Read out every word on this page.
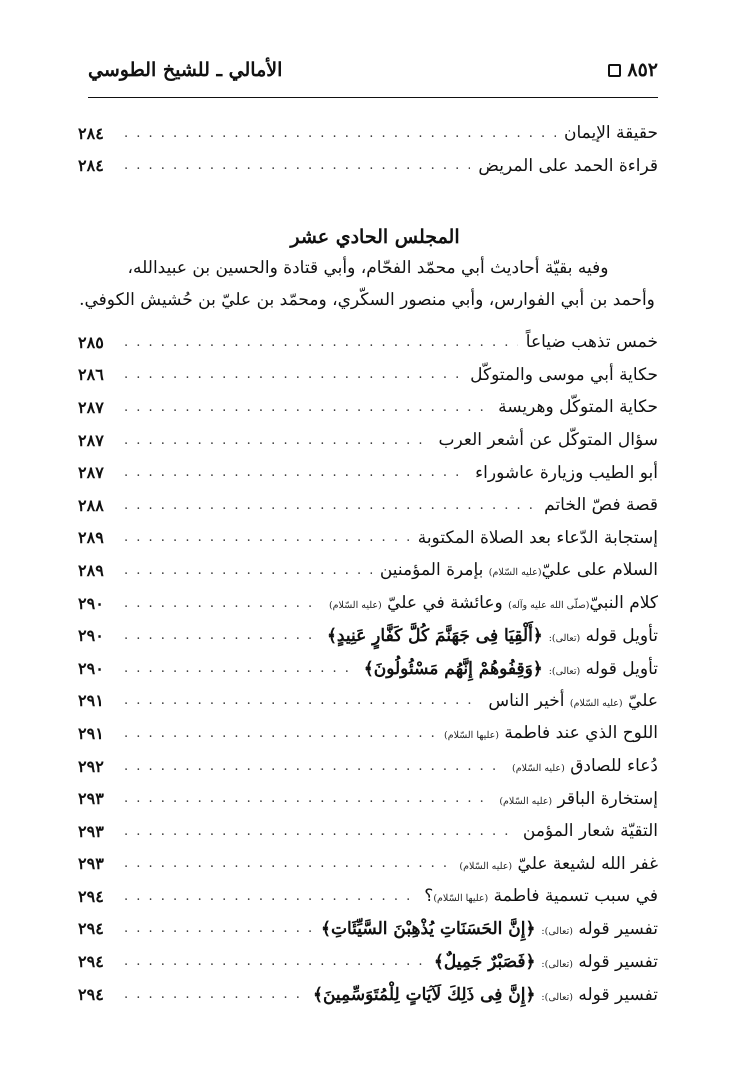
٨٥٢
الأمالي ـ للشيخ الطوسي
حقيقة الإيمان
. . .
٢٨٤
قراءة الحمد على المريض
. . .
٢٨٤
المجلس الحادي عشر
وفيه بقيّة أحاديث أبي محمّد الفحّام، وأبي قتادة والحسين بن عبيدالله،
وأحمد بن أبي الفوارس، وأبي منصور السكّري، ومحمّد بن عليّ بن حُشيش الكوفي.
خمس تذهب ضياعاً
. . .
٢٨٥
حكاية أبي موسى والمتوكّل
. . .
٢٨٦
حكاية المتوكّل وهريسة
. . .
٢٨٧
سؤال المتوكّل عن أشعر العرب
. . .
٢٨٧
أبو الطيب وزيارة عاشوراء
. . .
٢٨٧
قصة فصّ الخاتم
. . .
٢٨٨
إستجابة الدّعاء بعد الصلاة المكتوبة
. . .
٢٨٩
السلام على عليّ(عليه السّلام) بإمرة المؤمنين
. . .
٢٨٩
كلام النبيّ(صلّى الله عليه وآله) وعائشة في عليّ (عليه السّلام)
. . .
٢٩٠
تأويل قوله (تعالى): ﴿أَلْقِيَا فِى جَهَنَّمَ كُلَّ كَفَّارٍ عَنِيدٍ﴾
. . .
٢٩٠
تأويل قوله (تعالى): ﴿وَقِفُوهُمْ إِنَّهُم مَسْئُولُونَ﴾
. . .
٢٩٠
عليّ (عليه السّلام) أخير الناس
. . .
٢٩١
اللوح الذي عند فاطمة (عليها السّلام)
. . .
٢٩١
دُعاء للصادق (عليه السّلام)
. . .
٢٩٢
إستخارة الباقر (عليه السّلام)
. . .
٢٩٣
التقيّة شعار المؤمن
. . .
٢٩٣
غفر الله لشيعة عليّ (عليه السّلام)
. . .
٢٩٣
في سبب تسمية فاطمة (عليها السّلام)؟
. . .
٢٩٤
تفسير قوله (تعالى): ﴿إِنَّ الحَسَنَاتِ يُذْهِبْنَ السَّيِّئَاتِ﴾
. . .
٢٩٤
تفسير قوله (تعالى): ﴿فَصَبْرٌ جَمِيلٌ﴾
. . .
٢٩٤
تفسير قوله (تعالى): ﴿إِنَّ فِى ذَلِكَ لَآيَاتٍ لِلْمُتَوَسِّمِينَ﴾
. . .
٢٩٤
